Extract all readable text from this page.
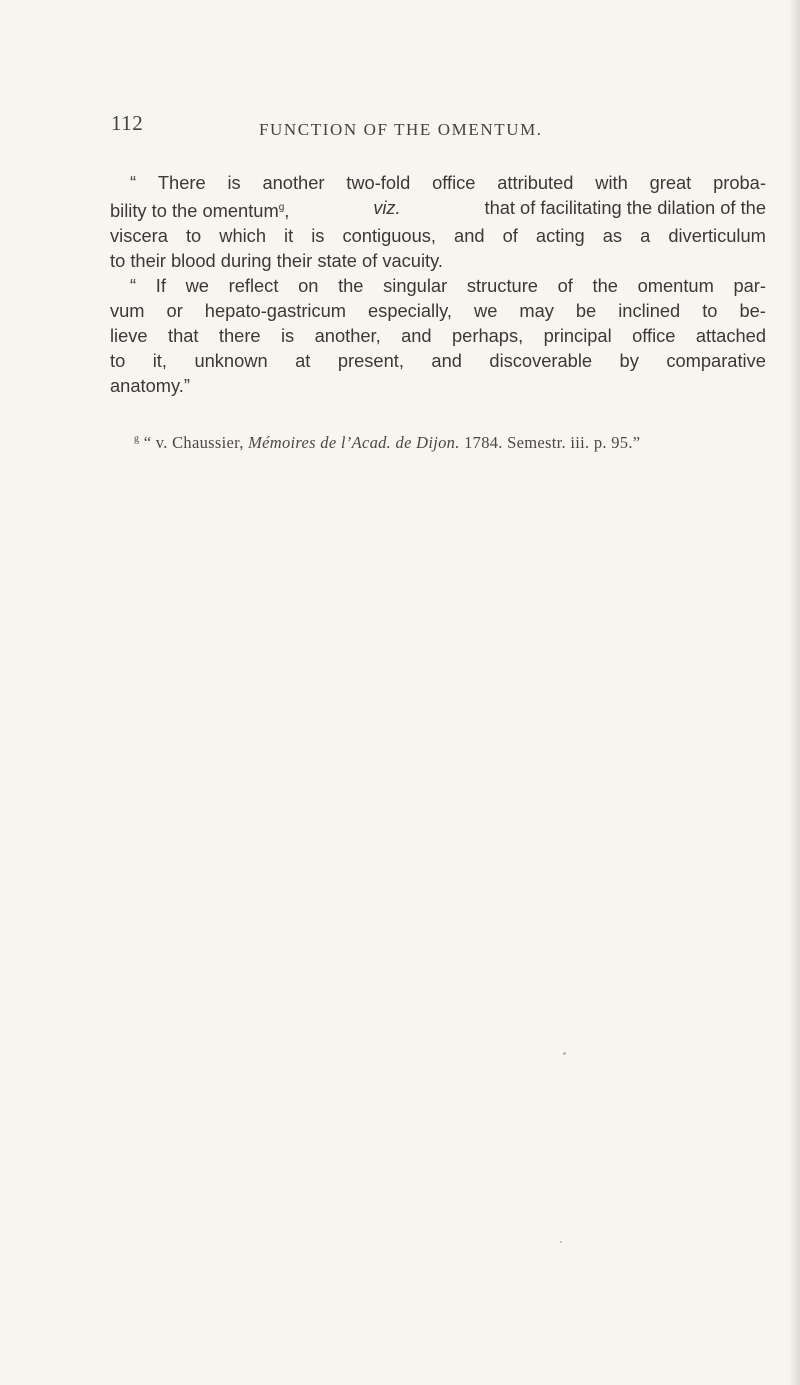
112	FUNCTION OF THE OMENTUM.
“ There is another two-fold office attributed with great proba-
bility to the omentum$^g$,	viz.	that of facilitating the dilation of the
viscera to which it is contiguous, and of acting as a diverticulum
to their blood during their state of vacuity.
“ If we reflect on the singular structure of the omentum par-
vum or hepato-gastricum especially, we may be inclined to be-
lieve that there is another, and perhaps, principal office attached
to it, unknown at present, and discoverable by comparative
anatomy.”
$^g$ “ v. Chaussier, Mémoires de l’Acad. de Dijon. 1784. Semestr. iii. p. 95.”
